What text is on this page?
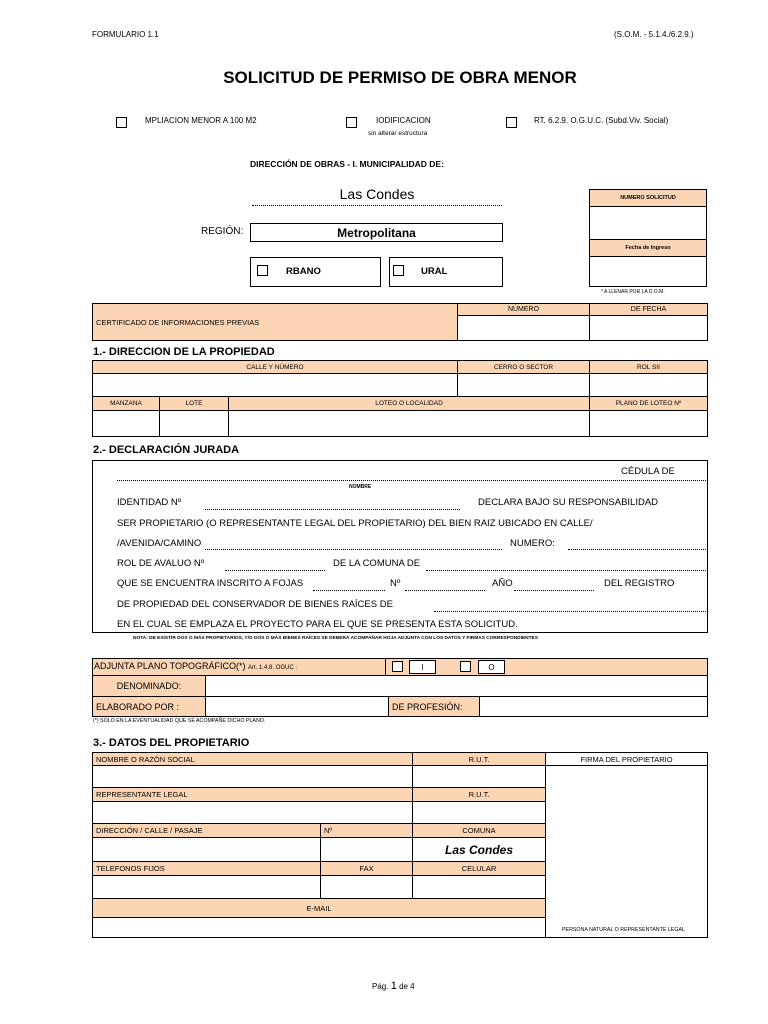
FORMULARIO 1.1	(S.O.M. - 5.1.4./6.2.9.)
SOLICITUD DE PERMISO DE OBRA MENOR
MPLIACION MENOR A 100 M2	IODIFICACION
sin alterar estructura
RT. 6.2.9. O.G.U.C. (Subd.Viv. Social)
DIRECCIÓN DE OBRAS - I. MUNICIPALIDAD DE:
Las Condes
REGIÓN:	Metropolitana
RBANO	URAL
NUMERO SOLICITUD
Fecha de Ingreso
* A LLENAR POR LA D.O.M.
CERTIFICADO DE INFORMACIONES PREVIAS
NÚMERO	DE FECHA
1.- DIRECCION DE LA PROPIEDAD
CALLE Y NÚMERO	CERRO O SECTOR	ROL SII
MANZANA	LOTE	LOTEO O LOCALIDAD	PLANO DE LOTEO Nº
2.- DECLARACIÓN JURADA
CÉDULA DE
NOMBRE
IDENTIDAD Nº	DECLARA BAJO SU RESPONSABILIDAD
SER PROPIETARIO (O REPRESENTANTE LEGAL DEL PROPIETARIO) DEL BIEN RAIZ UBICADO EN CALLE/
/AVENIDA/CAMINO	NUMERO:
ROL DE AVALUO Nº	DE LA COMUNA DE
QUE SE ENCUENTRA INSCRITO A FOJAS	Nº	AÑO	DEL REGISTRO
DE PROPIEDAD DEL CONSERVADOR DE BIENES RAÍCES DE
EN EL CUAL SE EMPLAZA EL PROYECTO PARA EL QUE SE PRESENTA ESTA SOLICITUD.
NOTA: DE EXISTIR DOS O MÁS PROPIETARIOS, Y/O DOS O MÁS BIENES RAÍCES SE DEBERÁ ACOMPAÑAR HOJA ADJUNTA CON LOS DATOS Y FIRMAS CORRESPONDIENTES
ADJUNTA PLANO TOPOGRÁFICO(*) Art. 1.4.8. OGUC :	I	O
DENOMINADO:
ELABORADO POR :	DE PROFESIÓN:
(*) SOLO EN LA EVENTUALIDAD QUE SE ACOMPAÑE DICHO PLANO.
3.- DATOS DEL PROPIETARIO
NOMBRE O RAZÓN SOCIAL	R.U.T.	FIRMA DEL PROPIETARIO
REPRESENTANTE LEGAL	R.U.T.
DIRECCIÓN / CALLE / PASAJE	Nº	COMUNA
Las Condes
TELEFONOS FIJOS	FAX	CELULAR
E-MAIL
PERSONA NATURAL O REPRESENTANTE LEGAL
Pág. 1 de 4
